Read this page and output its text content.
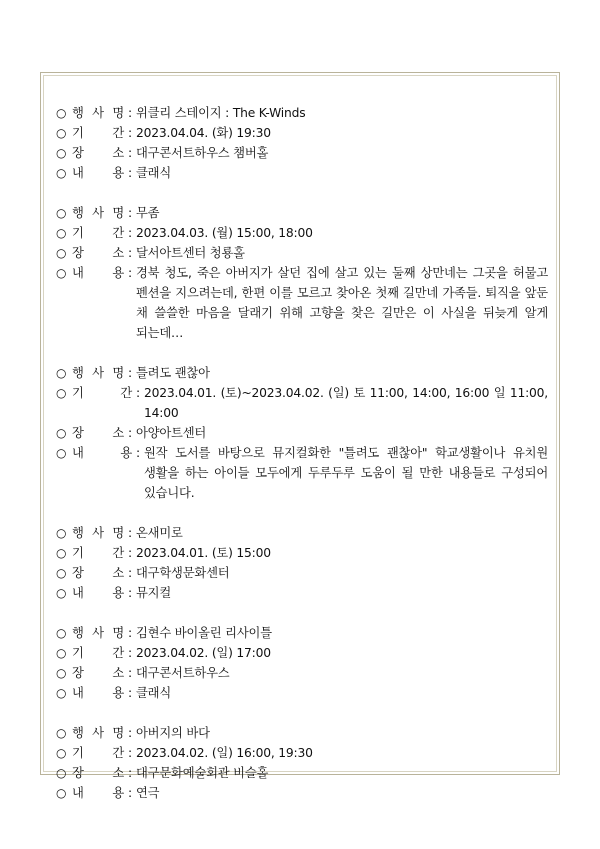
○ 행 사 명 : 위클리 스테이지 : The K-Winds
○ 기 간 : 2023.04.04. (화) 19:30
○ 장 소 : 대구콘서트하우스 챔버홀
○ 내 용 : 클래식
○ 행 사 명 : 무좀
○ 기 간 : 2023.04.03. (월) 15:00, 18:00
○ 장 소 : 달서아트센터 청룡홀
○ 내 용 : 경북 청도, 죽은 아버지가 살던 집에 살고 있는 둘째 상만네는 그곳을 허물고 펜션을 지으려는데, 한편 이를 모르고 찾아온 첫째 길만네 가족들. 퇴직을 앞둔 채 쓸쓸한 마음을 달래기 위해 고향을 찾은 길만은 이 사실을 뒤늦게 알게 되는데…
○ 행 사 명 : 틀려도 괜찮아
○ 기	간 : 2023.04.01. (토)~2023.04.02. (일) 토 11:00, 14:00, 16:00 일 11:00, 14:00
○ 장 소 : 아양아트센터
○ 내	용 : 원작 도서를 바탕으로 뮤지컬화한 "틀려도 괜찮아" 학교생활이나 유치원 생활을 하는 아이들 모두에게 두루두루 도움이 될 만한 내용들로 구성되어 있습니다.
○ 행 사 명 : 온새미로
○ 기 간 : 2023.04.01. (토) 15:00
○ 장 소 : 대구학생문화센터
○ 내 용 : 뮤지컬
○ 행 사 명 : 김현수 바이올린 리사이틀
○ 기 간 : 2023.04.02. (일) 17:00
○ 장 소 : 대구콘서트하우스
○ 내 용 : 클래식
○ 행 사 명 : 아버지의 바다
○ 기 간 : 2023.04.02. (일) 16:00, 19:30
○ 장 소 : 대구문화예술회관 비슬홀
○ 내 용 : 연극
